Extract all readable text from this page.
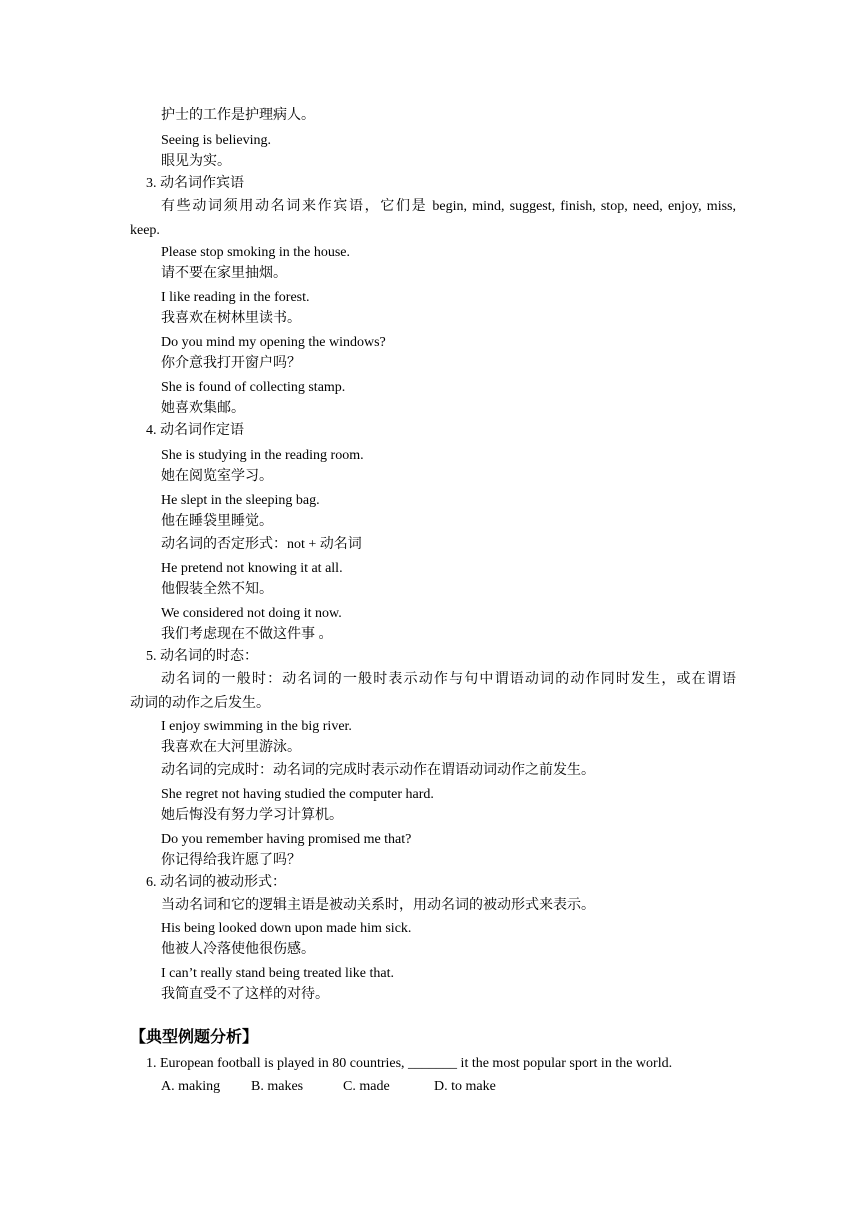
护士的工作是护理病人。
Seeing is believing.
眼见为实。
3. 动名词作宾语
有些动词须用动名词来作宾语，它们是 begin, mind, suggest, finish, stop, need, enjoy, miss,
keep.
Please stop smoking in the house.
请不要在家里抽烟。
I like reading in the forest.
我喜欢在树林里读书。
Do you mind my opening the windows?
你介意我打开窗户吗？
She is found of collecting stamp.
她喜欢集邮。
4. 动名词作定语
She is studying in the reading room.
她在阅览室学习。
He slept in the sleeping bag.
他在睡袋里睡觉。
动名词的否定形式：not + 动名词
He pretend not knowing it at all.
他假装全然不知。
We considered not doing it now.
我们考虑现在不做这件事 。
5. 动名词的时态：
动名词的一般时：动名词的一般时表示动作与句中谓语动词的动作同时发生，或在谓语
动词的动作之后发生。
I enjoy swimming in the big river.
我喜欢在大河里游泳。
动名词的完成时：动名词的完成时表示动作在谓语动词动作之前发生。
She regret not having studied the computer hard.
她后悔没有努力学习计算机。
Do you remember having promised me that?
你记得给我许愿了吗？
6. 动名词的被动形式：
当动名词和它的逻辑主语是被动关系时，用动名词的被动形式来表示。
His being looked down upon made him sick.
他被人冷落使他很伤感。
I can’t really stand being treated like that.
我简直受不了这样的对待。
【典型例题分析】
1. European football is played in 80 countries, _______ it the most popular sport in the world.
A. making B. makes	C. made	D. to make
